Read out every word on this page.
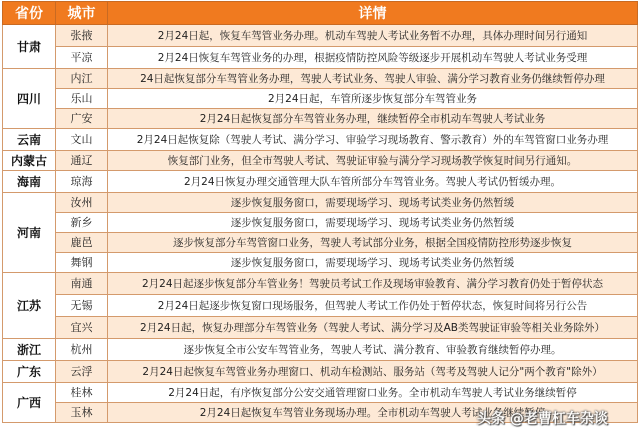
省份	城市	详情
甘肃	张掖	2月24日起，恢复车驾管业务办理。机动车驾驶人考试业务暂不办理，具体办理时间另行通知
	平凉	2月24日恢复车驾管业务的办理，根据疫情防控风险等级逐步开展机动车驾驶人考试业务受理
四川	内江	24日起恢复部分车驾管业务办理，驾驶人考试业务、驾驶人审验、满分学习教育业务仍继续暂停办理
	乐山	2月24日起，车管所逐步恢复部分车驾管业务
	广安	2月24日起恢复部分车驾管业务办理，继续暂停全市机动车驾驶人考试业务
云南	文山	2月24日起恢复除（驾驶人考试、满分学习、审验学习现场教育、警示教育）外的车驾管窗口业务办理
内蒙古	通辽	恢复部门业务，但全市驾驶人考试、驾驶证审验与满分学习现场教学恢复时间另行通知。
海南	琼海	2月24日恢复办理交通管理大队车管所部分车驾管业务。驾驶人考试仍暂缓办理。
河南	汝州	逐步恢复服务窗口，需要现场学习、现场考试类业务仍然暂缓
	新乡	逐步恢复服务窗口，需要现场学习、现场考试类业务仍然暂缓
	鹿邑	逐步恢复部分车驾管窗口业务，驾驶人考试部分业务，根据全国疫情防控形势逐步恢复
	舞钢	逐步恢复服务窗口，需要现场学习、现场考试类业务仍然暂缓
江苏	南通	2月24日起逐步恢复部分车管业务！驾驶员考试工作及现场审验教育、满分学习教育仍处于暂停状态
	无锡	2月24日起逐步恢复窗口现场服务，但驾驶人考试工作仍处于暂停状态，恢复时间将另行公告
	宜兴	2月24日起，恢复办理部分车驾管业务（驾驶人考试、满分学习及AB类驾驶证审验等相关业务除外）
浙江	杭州	逐步恢复全市公安车驾管业务，驾驶人考试、满分教育、审验教育继续暂停办理。
广东	云浮	2月24日起恢复车驾管业务办理窗口、机动车检测站、服务站（驾考及驾驶人记分"两个教育"除外）
广西	桂林	2月24日起，有序恢复部分公安交通管理窗口业务。全市机动车驾驶人考试业务继续暂停
	玉林	2月24日起恢复车驾管业务现场办理。全市机动车驾驶人考试业务继续暂停
头条 @老曹杠车杂谈
